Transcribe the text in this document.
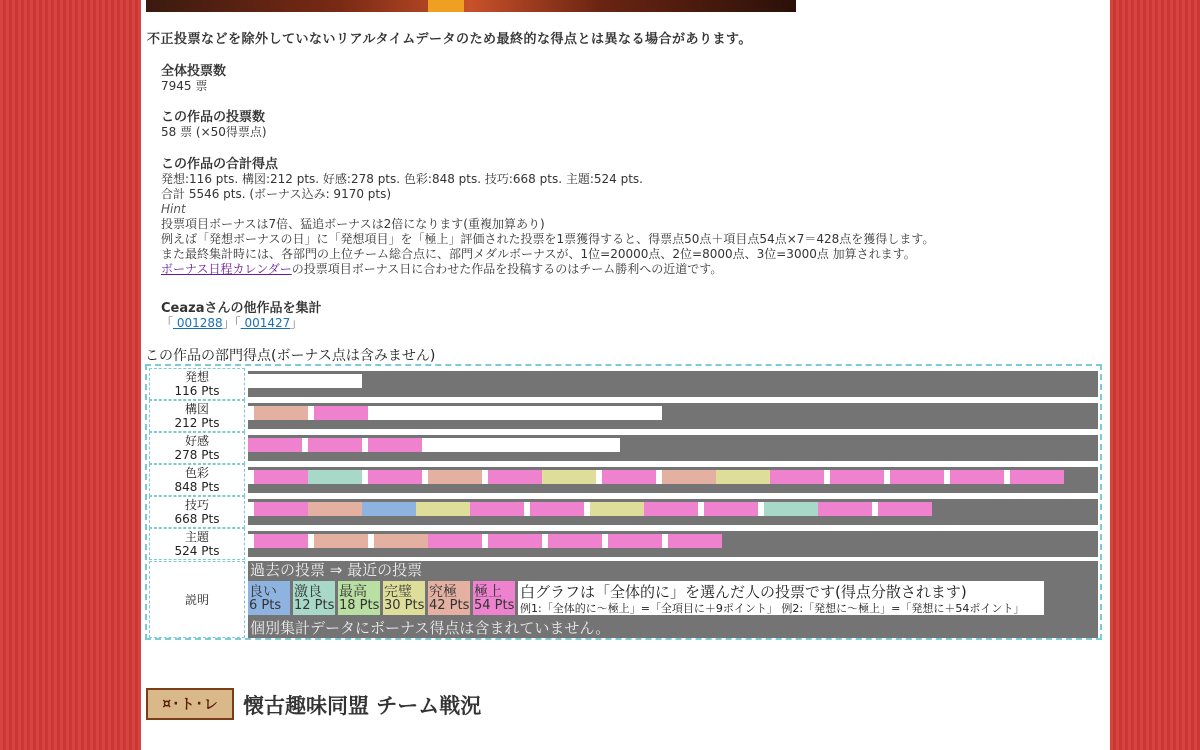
不正投票などを除外していないリアルタイムデータのため最終的な得点とは異なる場合があります。
全体投票数
7945 票
この作品の投票数
58 票 (×50得票点)
この作品の合計得点
発想:116 pts. 構図:212 pts. 好感:278 pts. 色彩:848 pts. 技巧:668 pts. 主題:524 pts.
合計 5546 pts. (ボーナス込み: 9170 pts)
Hint
投票項目ボーナスは7倍、猛追ボーナスは2倍になります(重複加算あり)
例えば「発想ボーナスの日」に「発想項目」を「極上」評価された投票を1票獲得すると、得票点50点＋項目点54点×7＝428点を獲得します。
また最終集計時には、各部門の上位チーム総合点に、部門メダルボーナスが、1位=20000点、2位=8000点、3位=3000点 加算されます。
ボーナス日程カレンダーの投票項目ボーナス日に合わせた作品を投稿するのはチーム勝利への近道です。
Ceazaさんの他作品を集計
「 001288」「 001427」
この作品の部門得点(ボーナス点は含みません)
発想
116 Pts
構図
212 Pts
好感
278 Pts
色彩
848 Pts
技巧
668 Pts
主題
524 Pts
説明
過去の投票 ⇒ 最近の投票
良い
6 Pts
激良
12 Pts
最高
18 Pts
完璧
30 Pts
究極
42 Pts
極上
54 Pts
白グラフは「全体的に」を選んだ人の投票です(得点分散されます)
例1:「全体的に〜極上」=「全項目に＋9ポイント」 例2:「発想に〜極上」=「発想に＋54ポイント」
個別集計データにボーナス得点は含まれていません。
¤ · ト · レ 懐古趣味同盟 チーム戦況
